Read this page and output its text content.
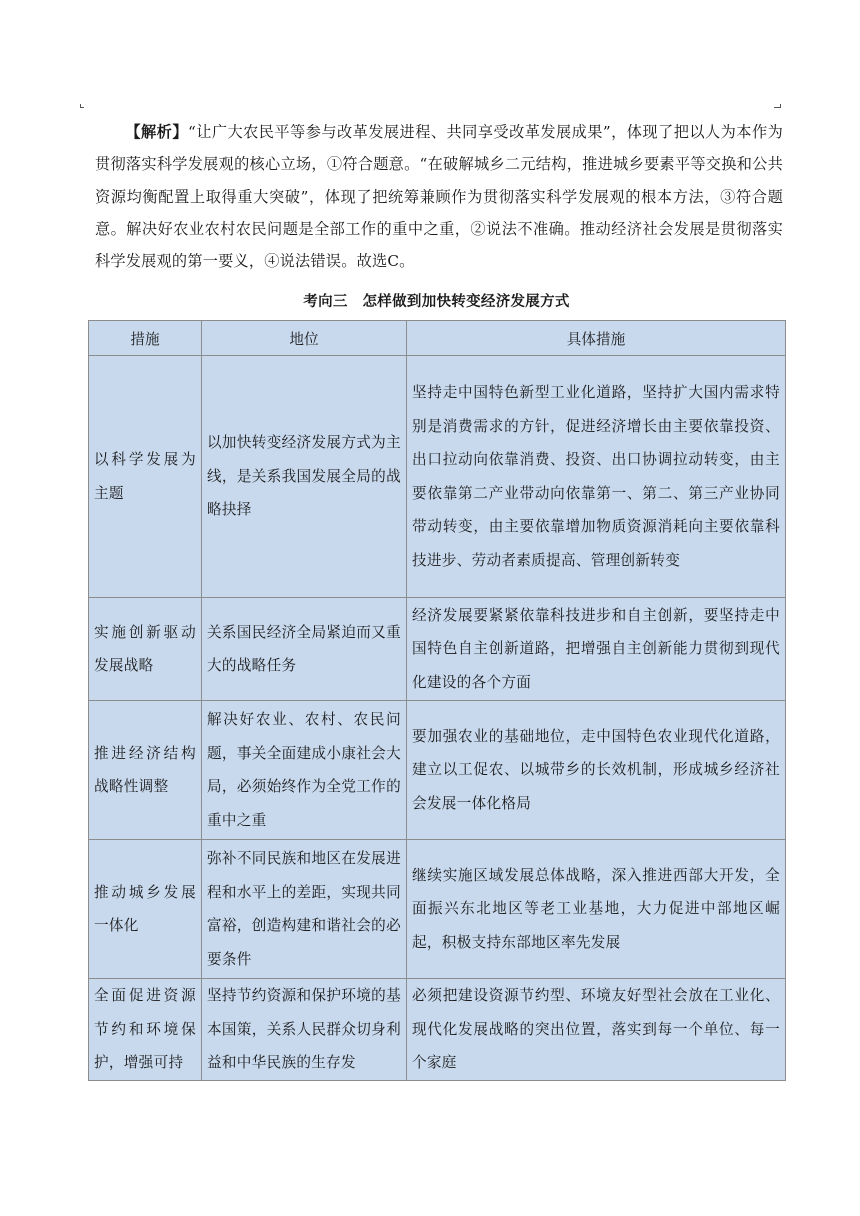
【解析】“让广大农民平等参与改革发展进程、共同享受改革发展成果”，体现了把以人为本作为贯彻落实科学发展观的核心立场，①符合题意。“在破解城乡二元结构，推进城乡要素平等交换和公共资源均衡配置上取得重大突破”，体现了把统筹兼顾作为贯彻落实科学发展观的根本方法，③符合题意。解决好农业农村农民问题是全部工作的重中之重，②说法不准确。推动经济社会发展是贯彻落实科学发展观的第一要义，④说法错误。故选C。

考向三　怎样做到加快转变经济发展方式
措施	地位	具体措施
以科学发展为主题	以加快转变经济发展方式为主线，是关系我国发展全局的战略抉择	坚持走中国特色新型工业化道路，坚持扩大国内需求特别是消费需求的方针，促进经济增长由主要依靠投资、出口拉动向依靠消费、投资、出口协调拉动转变，由主要依靠第二产业带动向依靠第一、第二、第三产业协同带动转变，由主要依靠增加物质资源消耗向主要依靠科技进步、劳动者素质提高、管理创新转变
实施创新驱动发展战略	关系国民经济全局紧迫而又重大的战略任务	经济发展要紧紧依靠科技进步和自主创新，要坚持走中国特色自主创新道路，把增强自主创新能力贯彻到现代化建设的各个方面
推进经济结构战略性调整	解决好农业、农村、农民问题，事关全面建成小康社会大局，必须始终作为全党工作的重中之重	要加强农业的基础地位，走中国特色农业现代化道路，建立以工促农、以城带乡的长效机制，形成城乡经济社会发展一体化格局
推动城乡发展一体化	弥补不同民族和地区在发展进程和水平上的差距，实现共同富裕，创造构建和谐社会的必要条件	继续实施区域发展总体战略，深入推进西部大开发，全面振兴东北地区等老工业基地，大力促进中部地区崛起，积极支持东部地区率先发展
全面促进资源节约和环境保护，增强可持	坚持节约资源和保护环境的基本国策，关系人民群众切身利益和中华民族的生存发	必须把建设资源节约型、环境友好型社会放在工业化、现代化发展战略的突出位置，落实到每一个单位、每一个家庭
